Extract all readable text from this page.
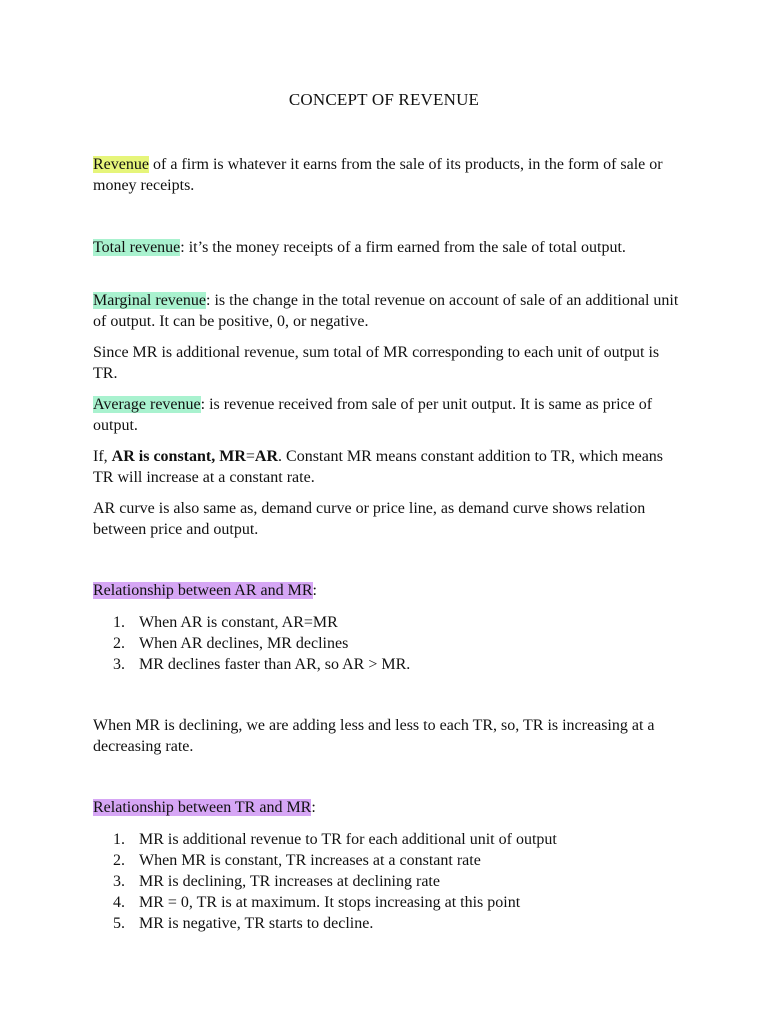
CONCEPT OF REVENUE

Revenue of a firm is whatever it earns from the sale of its products, in the form of sale or money receipts.

Total revenue: it’s the money receipts of a firm earned from the sale of total output.

Marginal revenue: is the change in the total revenue on account of sale of an additional unit of output. It can be positive, 0, or negative.

Since MR is additional revenue, sum total of MR corresponding to each unit of output is TR.

Average revenue: is revenue received from sale of per unit output. It is same as price of output.

If, AR is constant, MR=AR. Constant MR means constant addition to TR, which means TR will increase at a constant rate.

AR curve is also same as, demand curve or price line, as demand curve shows relation between price and output.

Relationship between AR and MR:

1. When AR is constant, AR=MR
2. When AR declines, MR declines
3. MR declines faster than AR, so AR > MR.

When MR is declining, we are adding less and less to each TR, so, TR is increasing at a decreasing rate.

Relationship between TR and MR:

1. MR is additional revenue to TR for each additional unit of output
2. When MR is constant, TR increases at a constant rate
3. MR is declining, TR increases at declining rate
4. MR = 0, TR is at maximum. It stops increasing at this point
5. MR is negative, TR starts to decline.
